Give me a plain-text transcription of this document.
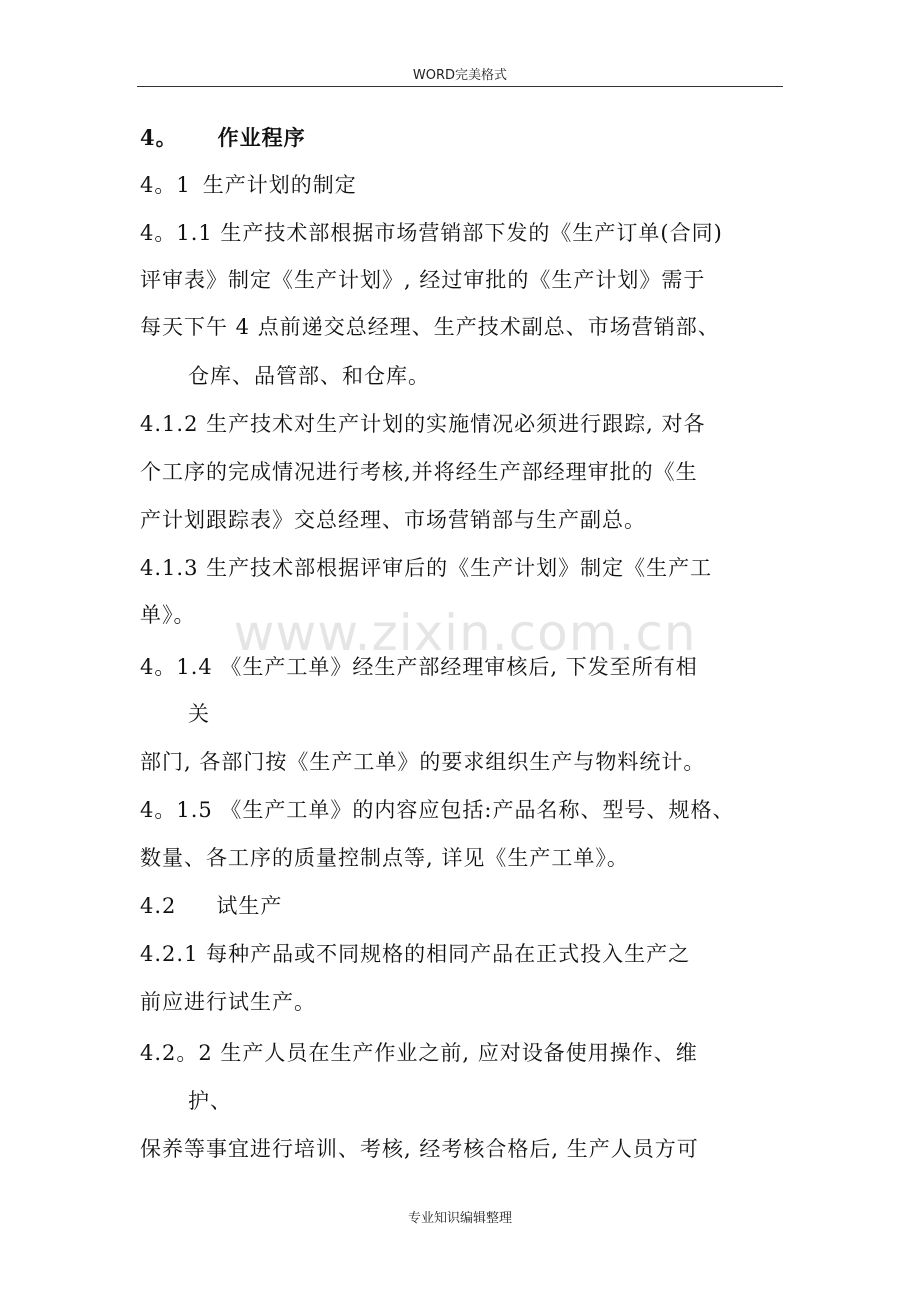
WORD完美格式
4。 作业程序
4。1 生产计划的制定
4。1.1 生产技术部根据市场营销部下发的《生产订单(合同)
评审表》制定《生产计划》, 经过审批的《生产计划》需于
每天下午 4 点前递交总经理、生产技术副总、市场营销部、
仓库、品管部、和仓库。
4.1.2 生产技术对生产计划的实施情况必须进行跟踪, 对各
个工序的完成情况进行考核,并将经生产部经理审批的《生
产计划跟踪表》交总经理、市场营销部与生产副总。
4.1.3 生产技术部根据评审后的《生产计划》制定《生产工
单》。
4。1.4 《生产工单》经生产部经理审核后, 下发至所有相
关
部门, 各部门按《生产工单》的要求组织生产与物料统计。
4。1.5 《生产工单》的内容应包括:产品名称、型号、规格、
数量、各工序的质量控制点等, 详见《生产工单》。
4.2 试生产
4.2.1 每种产品或不同规格的相同产品在正式投入生产之
前应进行试生产。
4.2。2 生产人员在生产作业之前, 应对设备使用操作、维
护、
保养等事宜进行培训、考核, 经考核合格后, 生产人员方可
www.zixin.com.cn
专业知识编辑整理
